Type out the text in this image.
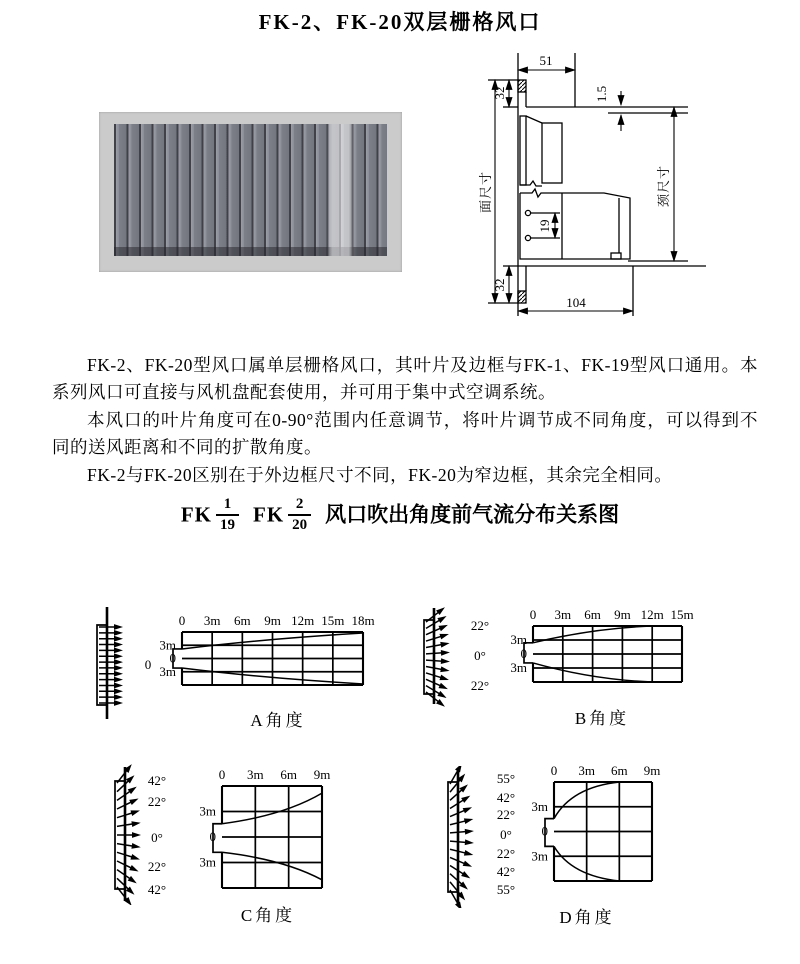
FK-2、FK-20双层栅格风口
51
32	1.5
19
32
104
面尺寸	颈尺寸

FK-2、FK-20型风口属单层栅格风口，其叶片及边框与FK-1、FK-19型风口通用。本系列风口可直接与风机盘配套使用，并可用于集中式空调系统。

本风口的叶片角度可在0-90°范围内任意调节，将叶片调节成不同角度，可以得到不同的送风距离和不同的扩散角度。

FK-2与FK-20区别在于外边框尺寸不同，FK-20为窄边框，其余完全相同。

FK $\frac{1}{19}$ FK $\frac{2}{20}$ 风口吹出角度前气流分布关系图
0
0 3m 6m 9m 12m 15m 18m
3m
0
3m
22°
0°
22°
0 3m 6m 9m 12m 15m
3m
0
3m
42°
22°
0°
22°
42°
0 3m 6m 9m
3m
0
3m
55°
42°
22°
0°
22°
42°
55°
0 3m 6m 9m
3m
0
3m
A角度	B角度
C角度	D角度
